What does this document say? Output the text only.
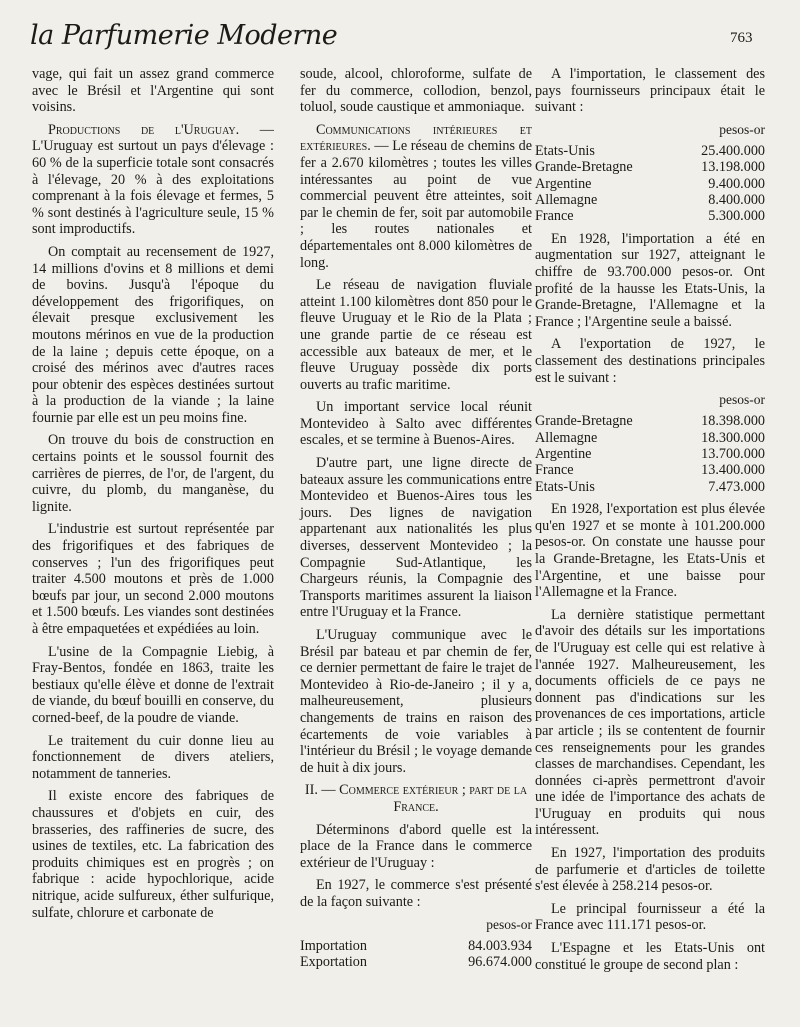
la Parfumerie Moderne	763

vage, qui fait un assez grand commerce avec le Brésil et l'Argentine qui sont voisins.

Productions de l'Uruguay. — L'Uruguay est surtout un pays d'élevage : 60 % de la superficie totale sont consacrés à l'élevage, 20 % à des exploitations comprenant à la fois élevage et fermes, 5 % sont destinés à l'agriculture seule, 15 % sont improductifs.

On comptait au recensement de 1927, 14 millions d'ovins et 8 millions et demi de bovins. Jusqu'à l'époque du développement des frigorifiques, on élevait presque exclusivement les moutons mérinos en vue de la production de la laine ; depuis cette époque, on a croisé des mérinos avec d'autres races pour obtenir des espèces destinées surtout à la production de la viande ; la laine fournie par elle est un peu moins fine.

On trouve du bois de construction en certains points et le soussol fournit des carrières de pierres, de l'or, de l'argent, du cuivre, du plomb, du manganèse, du lignite.

L'industrie est surtout représentée par des frigorifiques et des fabriques de conserves ; l'un des frigorifiques peut traiter 4.500 moutons et près de 1.000 bœufs par jour, un second 2.000 moutons et 1.500 bœufs. Les viandes sont destinées à être empaquetées et expédiées au loin.

L'usine de la Compagnie Liebig, à Fray-Bentos, fondée en 1863, traite les bestiaux qu'elle élève et donne de l'extrait de viande, du bœuf bouilli en conserve, du corned-beef, de la poudre de viande.

Le traitement du cuir donne lieu au fonctionnement de divers ateliers, notamment de tanneries.

Il existe encore des fabriques de chaussures et d'objets en cuir, des brasseries, des raffineries de sucre, des usines de textiles, etc. La fabrication des produits chimiques est en progrès ; on fabrique : acide hypochlorique, acide nitrique, acide sulfureux, éther sulfurique, sulfate, chlorure et carbonate de

soude, alcool, chloroforme, sulfate de fer du commerce, collodion, benzol, toluol, soude caustique et ammoniaque.

Communications intérieures et extérieures. — Le réseau de chemins de fer a 2.670 kilomètres ; toutes les villes intéressantes au point de vue commercial peuvent être atteintes, soit par le chemin de fer, soit par automobile ; les routes nationales et départementales ont 8.000 kilomètres de long.

Le réseau de navigation fluviale atteint 1.100 kilomètres dont 850 pour le fleuve Uruguay et le Rio de la Plata ; une grande partie de ce réseau est accessible aux bateaux de mer, et le fleuve Uruguay possède dix ports ouverts au trafic maritime.

Un important service local réunit Montevideo à Salto avec différentes escales, et se termine à Buenos-Aires.

D'autre part, une ligne directe de bateaux assure les communications entre Montevideo et Buenos-Aires tous les jours. Des lignes de navigation appartenant aux nationalités les plus diverses, desservent Montevideo ; la Compagnie Sud-Atlantique, les Chargeurs réunis, la Compagnie des Transports maritimes assurent la liaison entre l'Uruguay et la France.

L'Uruguay communique avec le Brésil par bateau et par chemin de fer, ce dernier permettant de faire le trajet de Montevideo à Rio-de-Janeiro ; il y a, malheureusement, plusieurs changements de trains en raison des écartements de voie variables à l'intérieur du Brésil ; le voyage demande de huit à dix jours.

II. — Commerce extérieur ; part de la France.

Déterminons d'abord quelle est la place de la France dans le commerce extérieur de l'Uruguay :

En 1927, le commerce s'est présenté de la façon suivante :

pesos-or

Importation	84.003.934
Exportation	96.674.000

A l'importation, le classement des pays fournisseurs principaux était le suivant :

pesos-or

Etats-Unis	25.400.000
Grande-Bretagne	13.198.000
Argentine	9.400.000
Allemagne	8.400.000
France	5.300.000

En 1928, l'importation a été en augmentation sur 1927, atteignant le chiffre de 93.700.000 pesos-or. Ont profité de la hausse les Etats-Unis, la Grande-Bretagne, l'Allemagne et la France ; l'Argentine seule a baissé.

A l'exportation de 1927, le classement des destinations principales est le suivant :

pesos-or

Grande-Bretagne	18.398.000
Allemagne	18.300.000
Argentine	13.700.000
France	13.400.000
Etats-Unis	7.473.000

En 1928, l'exportation est plus élevée qu'en 1927 et se monte à 101.200.000 pesos-or. On constate une hausse pour la Grande-Bretagne, les Etats-Unis et l'Argentine, et une baisse pour l'Allemagne et la France.

La dernière statistique permettant d'avoir des détails sur les importations de l'Uruguay est celle qui est relative à l'année 1927. Malheureusement, les documents officiels de ce pays ne donnent pas d'indications sur les provenances de ces importations, article par article ; ils se contentent de fournir ces renseignements pour les grandes classes de marchandises. Cependant, les données ci-après permettront d'avoir une idée de l'importance des achats de l'Uruguay en produits qui nous intéressent.

En 1927, l'importation des produits de parfumerie et d'articles de toilette s'est élevée à 258.214 pesos-or.

Le principal fournisseur a été la France avec 111.171 pesos-or.

L'Espagne et les Etats-Unis ont constitué le groupe de second plan :
